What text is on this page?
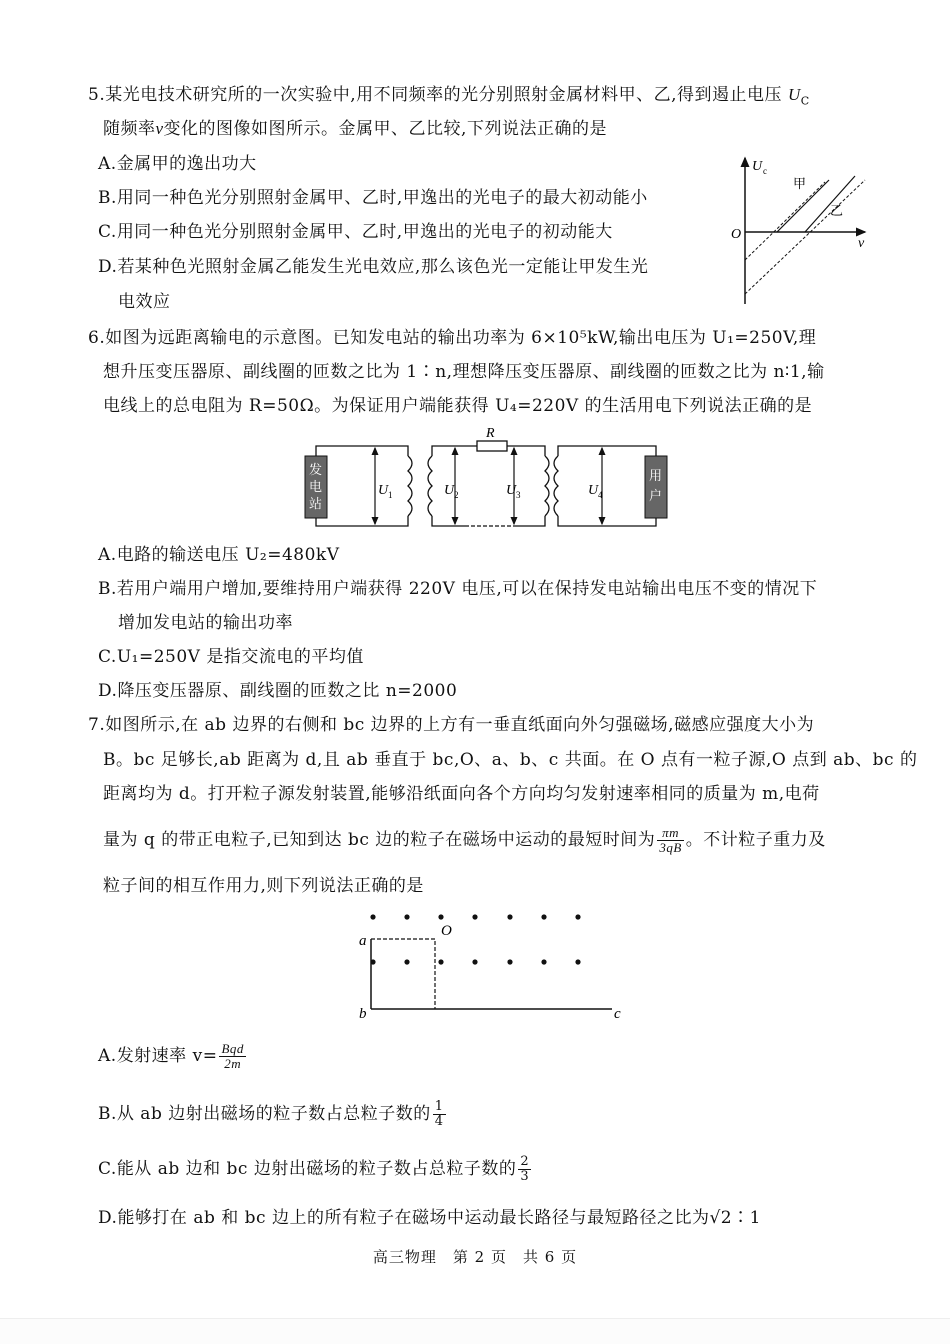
5.某光电技术研究所的一次实验中,用不同频率的光分别照射金属材料甲、乙,得到遏止电压 $U_C$
随频率ν变化的图像如图所示。金属甲、乙比较,下列说法正确的是
A.金属甲的逸出功大
B.用同一种色光分别照射金属甲、乙时,甲逸出的光电子的最大初动能小
C.用同一种色光分别照射金属甲、乙时,甲逸出的光电子的初动能大
D.若某种色光照射金属乙能发生光电效应,那么该色光一定能让甲发生光
电效应
U c
O
ν
甲
乙
6.如图为远距离输电的示意图。已知发电站的输出功率为 6×10⁵kW,输出电压为 U₁=250V,理
想升压变压器原、副线圈的匝数之比为 1∶n,理想降压变压器原、副线圈的匝数之比为 n∶1,输
电线上的总电阻为 R=50Ω。为保证用户端能获得 U₄=220V 的生活用电下列说法正确的是
发
电
站
U 1
R
U 2	U 3	U 4
用
户
A.电路的输送电压 U₂=480kV
B.若用户端用户增加,要维持用户端获得 220V 电压,可以在保持发电站输出电压不变的情况下
增加发电站的输出功率
C.U₁=250V 是指交流电的平均值
D.降压变压器原、副线圈的匝数之比 n=2000
7.如图所示,在 ab 边界的右侧和 bc 边界的上方有一垂直纸面向外匀强磁场,磁感应强度大小为
B。bc 足够长,ab 距离为 d,且 ab 垂直于 bc,O、a、b、c 共面。在 O 点有一粒子源,O 点到 ab、bc 的
距离均为 d。打开粒子源发射装置,能够沿纸面向各个方向均匀发射速率相同的质量为 m,电荷
量为 q 的带正电粒子,已知到达 bc 边的粒子在磁场中运动的最短时间为 $\frac{\pi m}{3qB}$ 。不计粒子重力及
粒子间的相互作用力,则下列说法正确的是
a
b	c
O
A.发射速率 $v= \frac{\text{Bqd}}{2m}$
B.从 ab 边射出磁场的粒子数占总粒子数的 $\frac{1}{4}$
C.能从 ab 边和 bc 边射出磁场的粒子数占总粒子数的 $\frac{2}{3}$
D.能够打在 ab 和 bc 边上的所有粒子在磁场中运动最长路径与最短路径之比为√2∶1
高三物理　第 2 页　共 6 页
